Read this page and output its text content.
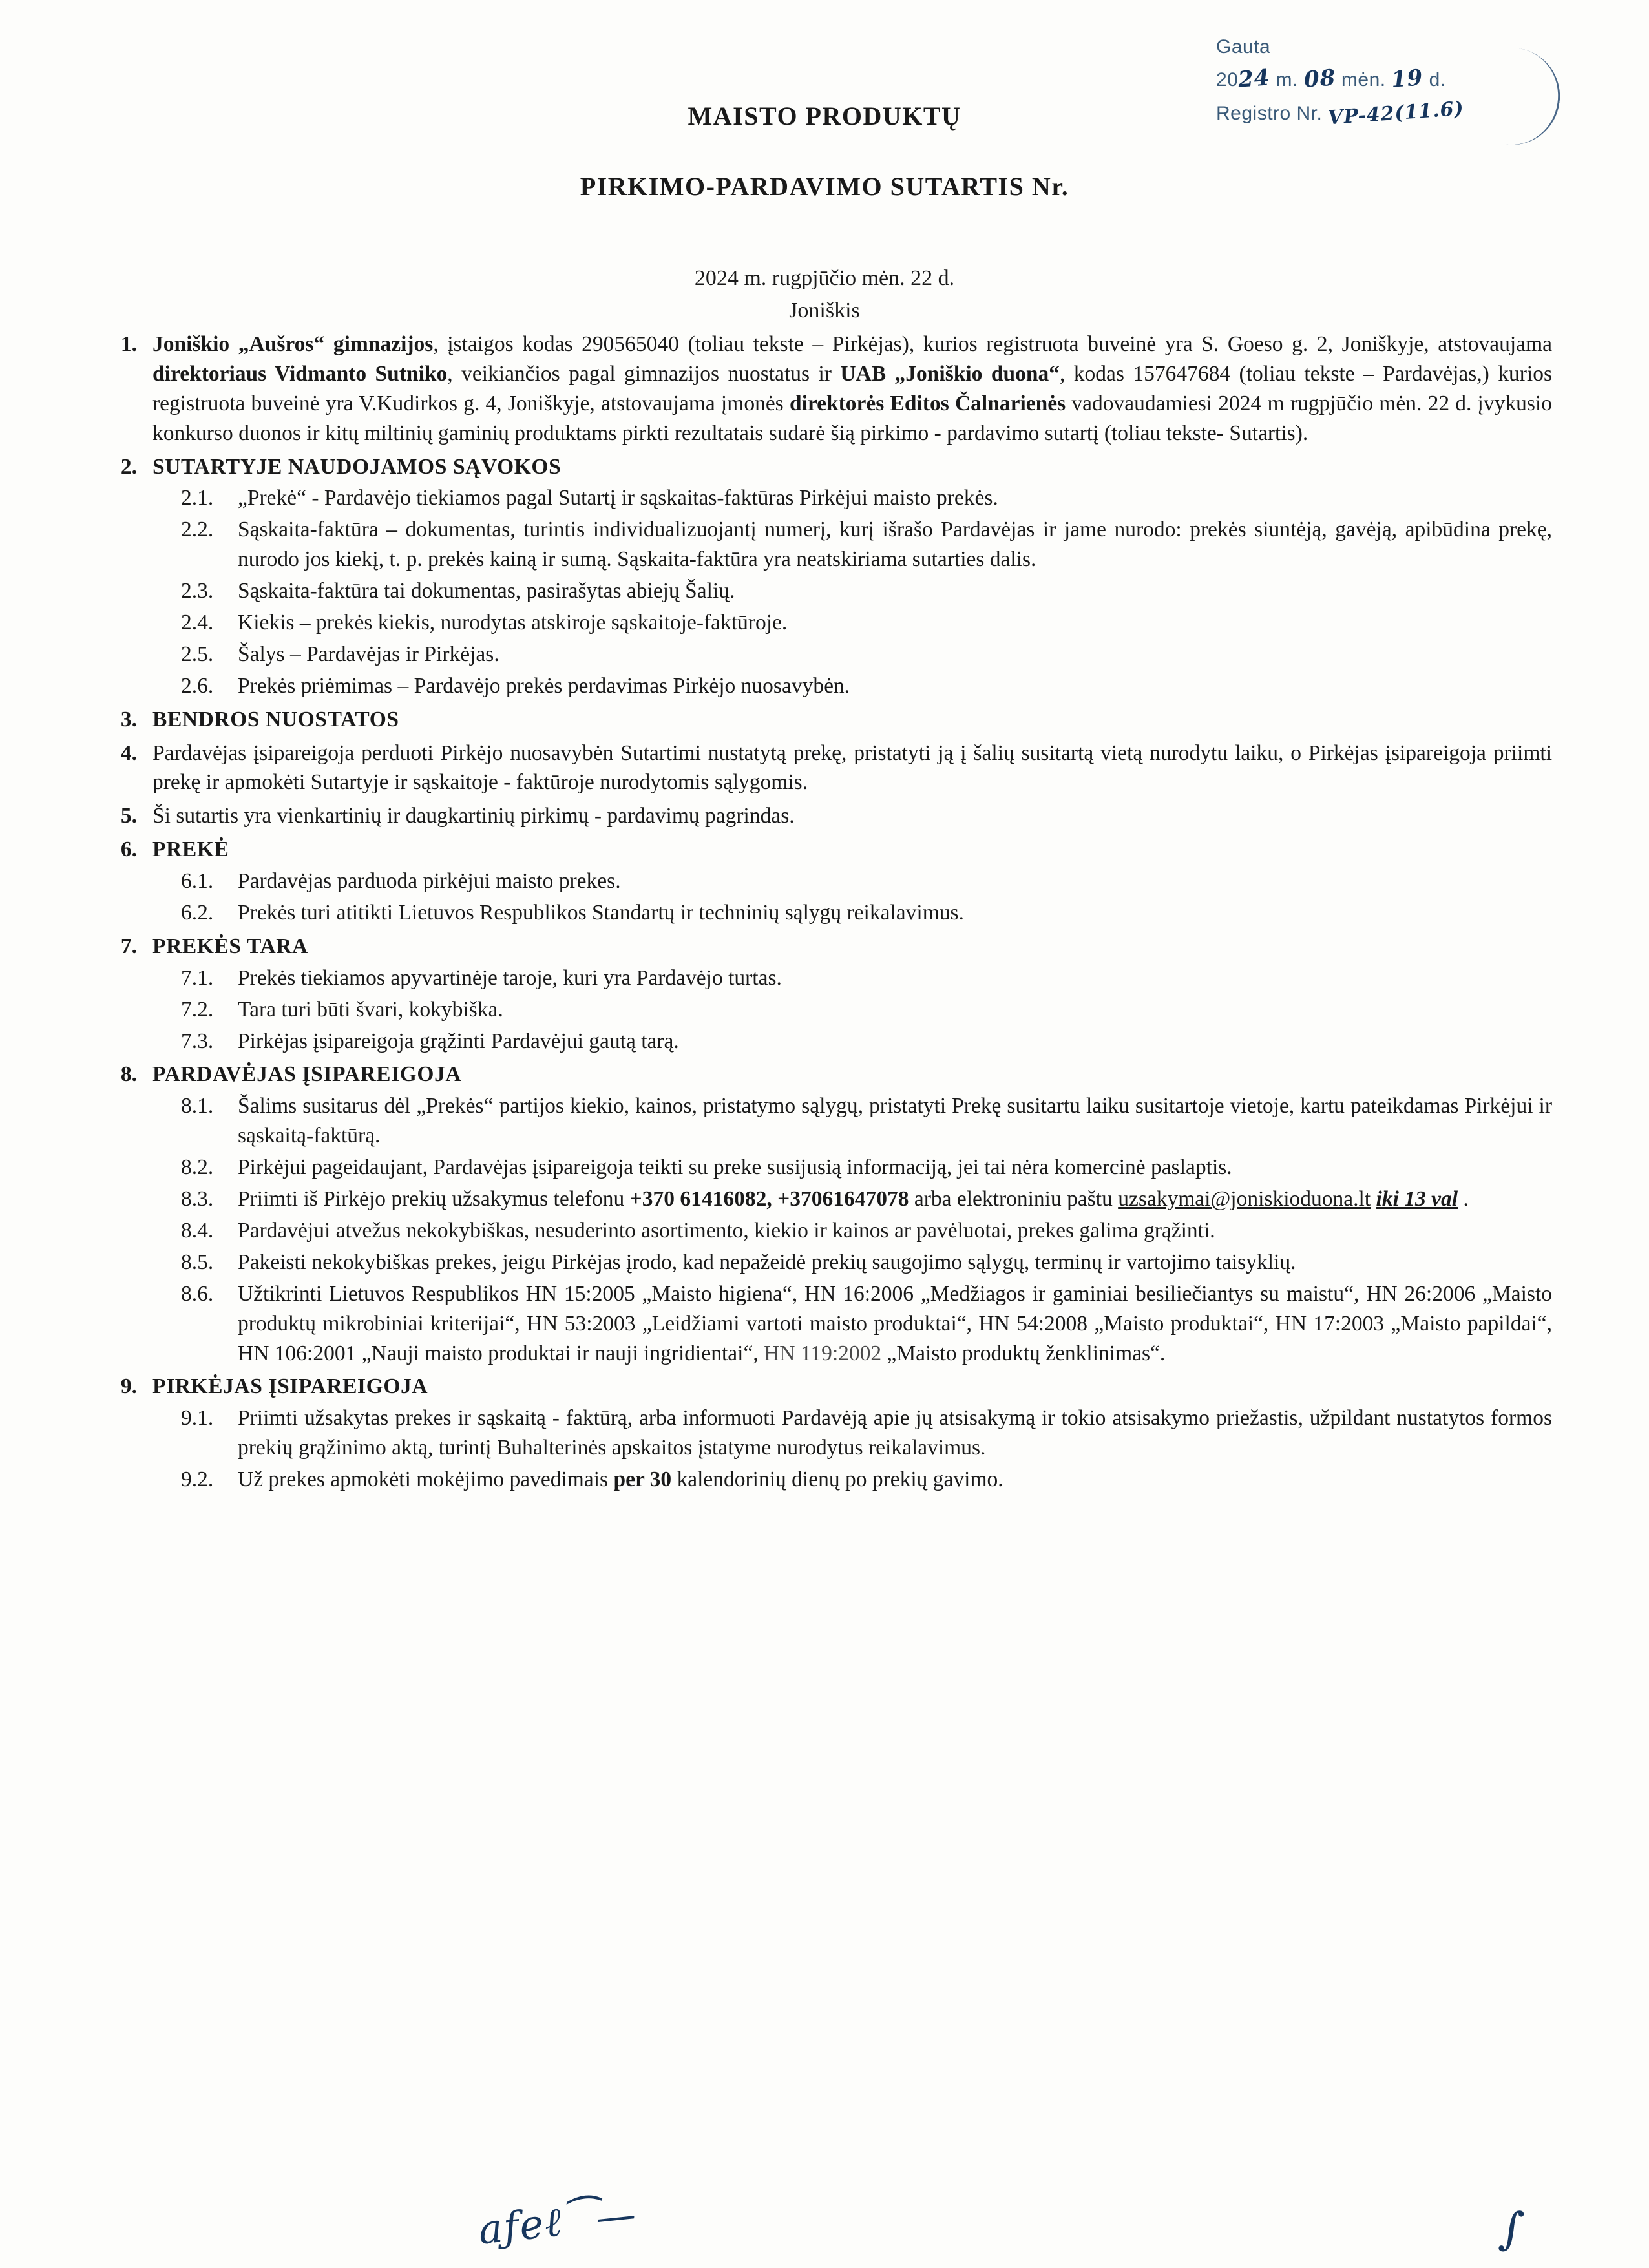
Gauta
2024 m. 08 mėn. 19 d.
Registro Nr. VP-42(11.6)
MAISTO PRODUKTŲ
PIRKIMO-PARDAVIMO SUTARTIS Nr.
2024 m. rugpjūčio mėn. 22 d.
Joniškis
1. Joniškio „Aušros“ gimnazijos, įstaigos kodas 290565040 (toliau tekste – Pirkėjas), kurios registruota buveinė yra S. Goeso g. 2, Joniškyje, atstovaujama direktoriaus Vidmanto Sutniko, veikiančios pagal gimnazijos nuostatus ir UAB „Joniškio duona“, kodas 157647684 (toliau tekste – Pardavėjas,) kurios registruota buveinė yra V.Kudirkos g. 4, Joniškyje, atstovaujama įmonės direktorės Editos Čalnarienės vadovaudamiesi 2024 m rugpjūčio mėn. 22 d. įvykusio konkurso duonos ir kitų miltinių gaminių produktams pirkti rezultatais sudarė šią pirkimo - pardavimo sutartį (toliau tekste- Sutartis).
2. SUTARTYJE NAUDOJAMOS SĄVOKOS
2.1.	„Prekė“ - Pardavėjo tiekiamos pagal Sutartį ir sąskaitas-faktūras Pirkėjui maisto prekės.
2.2.	Sąskaita-faktūra – dokumentas, turintis individualizuojantį numerį, kurį išrašo Pardavėjas ir jame nurodo: prekės siuntėją, gavėją, apibūdina prekę, nurodo jos kiekį, t. p. prekės kainą ir sumą. Sąskaita-faktūra yra neatskiriama sutarties dalis.
2.3.	Sąskaita-faktūra tai dokumentas, pasirašytas abiejų Šalių.
2.4.	Kiekis – prekės kiekis, nurodytas atskiroje sąskaitoje-faktūroje.
2.5.	Šalys – Pardavėjas ir Pirkėjas.
2.6.	Prekės priėmimas – Pardavėjo prekės perdavimas Pirkėjo nuosavybėn.
3. BENDROS NUOSTATOS
4. Pardavėjas įsipareigoja perduoti Pirkėjo nuosavybėn Sutartimi nustatytą prekę, pristatyti ją į šalių susitartą vietą nurodytu laiku, o Pirkėjas įsipareigoja priimti prekę ir apmokėti Sutartyje ir sąskaitoje - faktūroje nurodytomis sąlygomis.
5. Ši sutartis yra vienkartinių ir daugkartinių pirkimų - pardavimų pagrindas.
6. PREKĖ
6.1.	Pardavėjas parduoda pirkėjui maisto prekes.
6.2.	Prekės turi atitikti Lietuvos Respublikos Standartų ir techninių sąlygų reikalavimus.
7. PREKĖS TARA
7.1.	Prekės tiekiamos apyvartinėje taroje, kuri yra Pardavėjo turtas.
7.2.	Tara turi būti švari, kokybiška.
7.3.	Pirkėjas įsipareigoja grąžinti Pardavėjui gautą tarą.
8. PARDAVĖJAS ĮSIPAREIGOJA
8.1.	Šalims susitarus dėl „Prekės“ partijos kiekio, kainos, pristatymo sąlygų, pristatyti Prekę susitartu laiku susitartoje vietoje, kartu pateikdamas Pirkėjui ir sąskaitą-faktūrą.
8.2.	Pirkėjui pageidaujant, Pardavėjas įsipareigoja teikti su preke susijusią informaciją, jei tai nėra komercinė paslaptis.
8.3.	Priimti iš Pirkėjo prekių užsakymus telefonu +370 61416082, +37061647078 arba elektroniniu paštu uzsakymai@joniskioduona.lt iki 13 val .
8.4.	Pardavėjui atvežus nekokybiškas, nesuderinto asortimento, kiekio ir kainos ar pavėluotai, prekes galima grąžinti.
8.5.	Pakeisti nekokybiškas prekes, jeigu Pirkėjas įrodo, kad nepažeidė prekių saugojimo sąlygų, terminų ir vartojimo taisyklių.
8.6.	Užtikrinti Lietuvos Respublikos HN 15:2005 „Maisto higiena“, HN 16:2006 „Medžiagos ir gaminiai besiliečiantys su maistu“, HN 26:2006 „Maisto produktų mikrobiniai kriterijai“, HN 53:2003 „Leidžiami vartoti maisto produktai“, HN 54:2008 „Maisto produktai“, HN 17:2003 „Maisto papildai“, HN 106:2001 „Nauji maisto produktai ir nauji ingridientai“, HN 119:2002 „Maisto produktų ženklinimas“.
9. PIRKĖJAS ĮSIPAREIGOJA
9.1.	Priimti užsakytas prekes ir sąskaitą - faktūrą, arba informuoti Pardavėją apie jų atsisakymą ir tokio atsisakymo priežastis, užpildant nustatytos formos prekių grąžinimo aktą, turintį Buhalterinės apskaitos įstatyme nurodytus reikalavimus.
9.2.	Už prekes apmokėti mokėjimo pavedimais per 30 kalendorinių dienų po prekių gavimo.
aƒeℓ⁀—	∫
